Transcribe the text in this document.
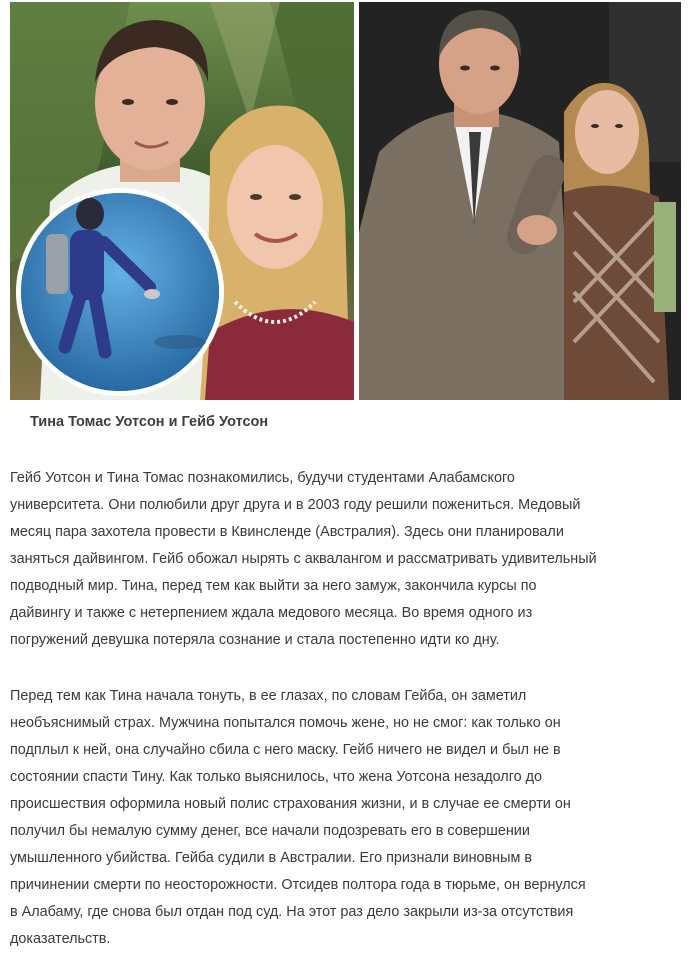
Тина Томас Уотсон и Гейб Уотсон

Гейб Уотсон и Тина Томас познакомились, будучи студентами Алабамского
университета. Они полюбили друг друга и в 2003 году решили пожениться. Медовый
месяц пара захотела провести в Квинсленде (Австралия). Здесь они планировали
заняться дайвингом. Гейб обожал нырять с аквалангом и рассматривать удивительный
подводный мир. Тина, перед тем как выйти за него замуж, закончила курсы по
дайвингу и также с нетерпением ждала медового месяца. Во время одного из
погружений девушка потеряла сознание и стала постепенно идти ко дну.

Перед тем как Тина начала тонуть, в ее глазах, по словам Гейба, он заметил
необъяснимый страх. Мужчина попытался помочь жене, но не смог: как только он
подплыл к ней, она случайно сбила с него маску. Гейб ничего не видел и был не в
состоянии спасти Тину. Как только выяснилось, что жена Уотсона незадолго до
происшествия оформила новый полис страхования жизни, и в случае ее смерти он
получил бы немалую сумму денег, все начали подозревать его в совершении
умышленного убийства. Гейба судили в Австралии. Его признали виновным в
причинении смерти по неосторожности. Отсидев полтора года в тюрьме, он вернулся
в Алабаму, где снова был отдан под суд. На этот раз дело закрыли из-за отсутствия
доказательств.
